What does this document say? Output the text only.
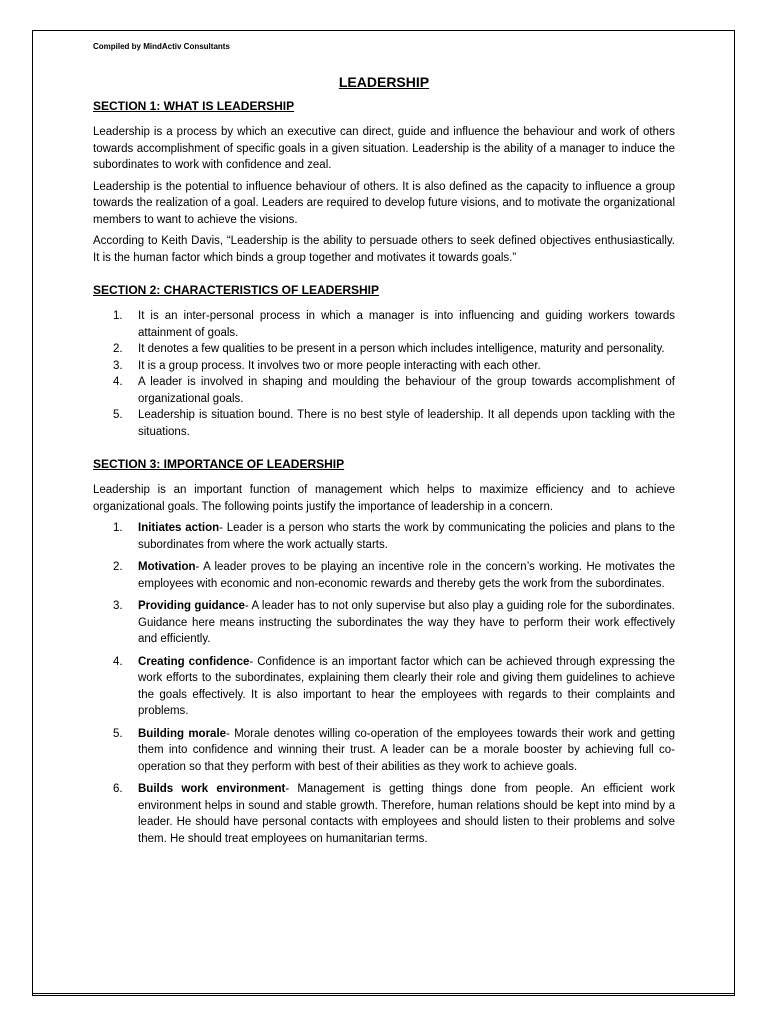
Compiled by MindActiv Consultants
LEADERSHIP
SECTION 1: WHAT IS LEADERSHIP

Leadership is a process by which an executive can direct, guide and influence the behaviour and work of others towards accomplishment of specific goals in a given situation. Leadership is the ability of a manager to induce the subordinates to work with confidence and zeal.

Leadership is the potential to influence behaviour of others. It is also defined as the capacity to influence a group towards the realization of a goal. Leaders are required to develop future visions, and to motivate the organizational members to want to achieve the visions.

According to Keith Davis, “Leadership is the ability to persuade others to seek defined objectives enthusiastically. It is the human factor which binds a group together and motivates it towards goals.”

SECTION 2: CHARACTERISTICS OF LEADERSHIP
1.	It is an inter-personal process in which a manager is into influencing and guiding workers towards attainment of goals.
2.	It denotes a few qualities to be present in a person which includes intelligence, maturity and personality.
3.	It is a group process. It involves two or more people interacting with each other.
4.	A leader is involved in shaping and moulding the behaviour of the group towards accomplishment of organizational goals.
5.	Leadership is situation bound. There is no best style of leadership. It all depends upon tackling with the situations.
SECTION 3: IMPORTANCE OF LEADERSHIP

Leadership is an important function of management which helps to maximize efficiency and to achieve organizational goals. The following points justify the importance of leadership in a concern.

1.	Initiates action- Leader is a person who starts the work by communicating the policies and plans to the subordinates from where the work actually starts.
2.	Motivation- A leader proves to be playing an incentive role in the concern’s working. He motivates the employees with economic and non-economic rewards and thereby gets the work from the subordinates.
3.	Providing guidance- A leader has to not only supervise but also play a guiding role for the subordinates. Guidance here means instructing the subordinates the way they have to perform their work effectively and efficiently.
4.	Creating confidence- Confidence is an important factor which can be achieved through expressing the work efforts to the subordinates, explaining them clearly their role and giving them guidelines to achieve the goals effectively. It is also important to hear the employees with regards to their complaints and problems.
5.	Building morale- Morale denotes willing co-operation of the employees towards their work and getting them into confidence and winning their trust. A leader can be a morale booster by achieving full co-operation so that they perform with best of their abilities as they work to achieve goals.
6.	Builds work environment- Management is getting things done from people. An efficient work environment helps in sound and stable growth. Therefore, human relations should be kept into mind by a leader. He should have personal contacts with employees and should listen to their problems and solve them. He should treat employees on humanitarian terms.
